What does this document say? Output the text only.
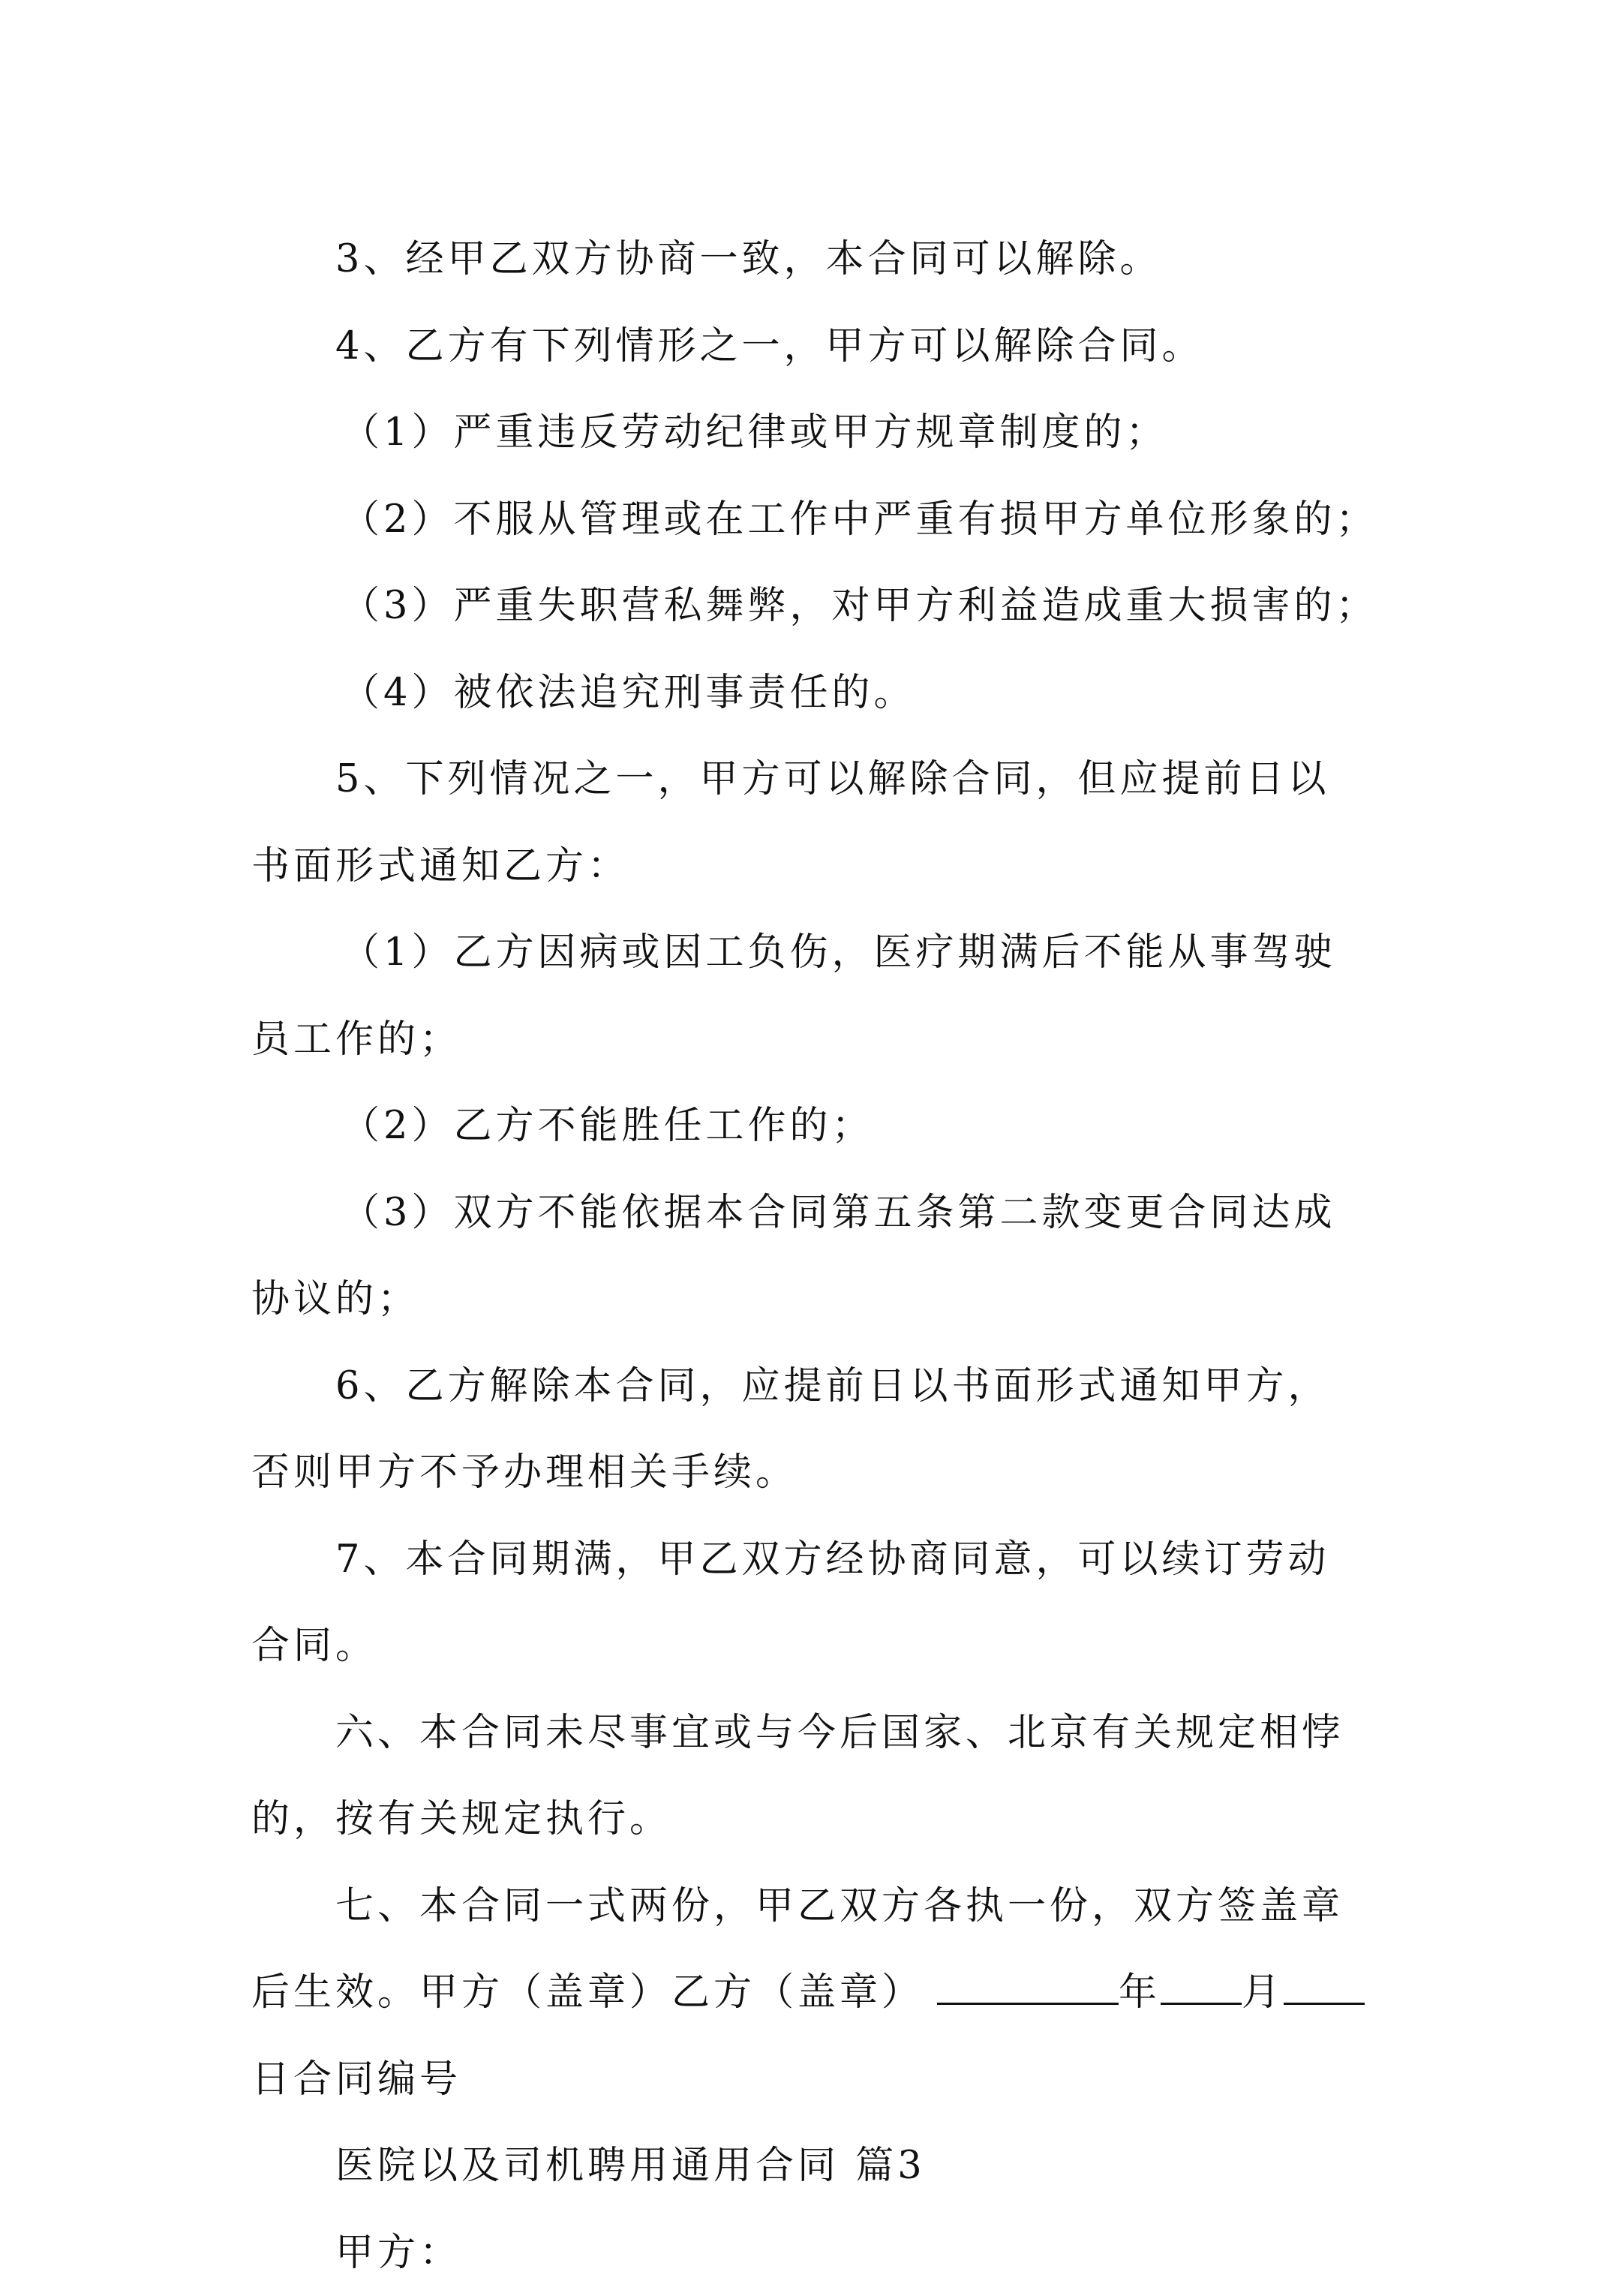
3、经甲乙双方协商一致，本合同可以解除。
4、乙方有下列情形之一，甲方可以解除合同。
（1）严重违反劳动纪律或甲方规章制度的；
（2）不服从管理或在工作中严重有损甲方单位形象的；
（3）严重失职营私舞弊，对甲方利益造成重大损害的；
（4）被依法追究刑事责任的。
5、下列情况之一，甲方可以解除合同，但应提前日以
书面形式通知乙方：
（1）乙方因病或因工负伤，医疗期满后不能从事驾驶
员工作的；
（2）乙方不能胜任工作的；
（3）双方不能依据本合同第五条第二款变更合同达成
协议的；
6、乙方解除本合同，应提前日以书面形式通知甲方，
否则甲方不予办理相关手续。
7、本合同期满，甲乙双方经协商同意，可以续订劳动
合同。
六、本合同未尽事宜或与今后国家、北京有关规定相悖
的，按有关规定执行。
七、本合同一式两份，甲乙双方各执一份，双方签盖章
后生效。甲方（盖章）乙方（盖章）	年 月
日合同编号
医院以及司机聘用通用合同 篇3
甲方：
